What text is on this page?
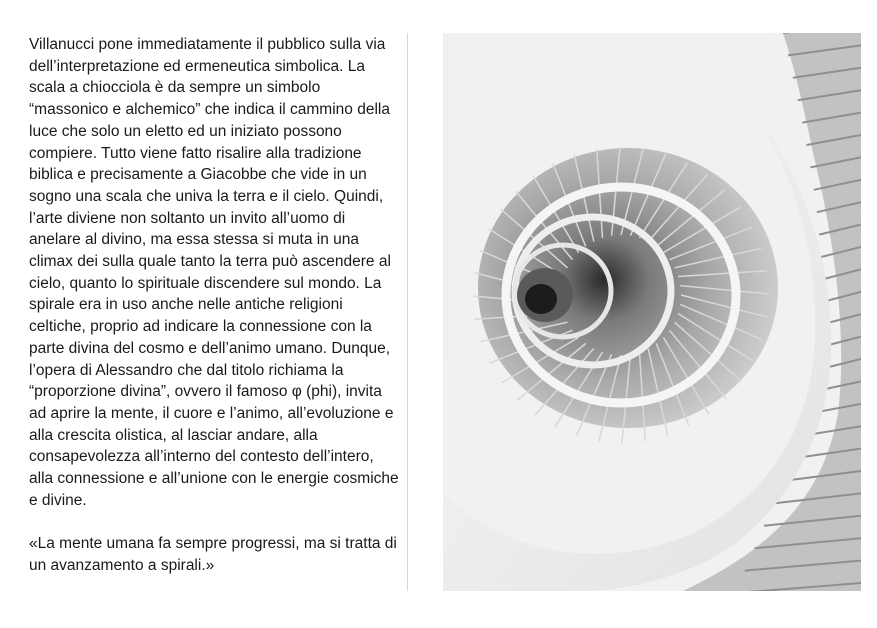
Villanucci pone immediatamente il pubblico sulla via dell’interpretazione ed ermeneutica simbolica. La scala a chiocciola è da sempre un simbolo “massonico e alchemico” che indica il cammino della luce che solo un eletto ed un iniziato possono compiere. Tutto viene fatto risalire alla tradizione biblica e precisamente a Giacobbe che vide in un sogno una scala che univa la terra e il cielo. Quindi, l’arte diviene non soltanto un invito all’uomo di anelare al divino, ma essa stessa si muta in una climax dei sulla quale tanto la terra può ascendere al cielo, quanto lo spirituale discendere sul mondo. La spirale era in uso anche nelle antiche religioni celtiche, proprio ad indicare la connessione con la parte divina del cosmo e dell’animo umano. Dunque, l’opera di Alessandro che dal titolo richiama la “proporzione divina”, ovvero il famoso φ (phi), invita ad aprire la mente, il cuore e l’animo, all’evoluzione e alla crescita olistica, al lasciar andare, alla consapevolezza all’interno del contesto dell’intero, alla connessione e all’unione con le energie cosmiche e divine.

«La mente umana fa sempre progressi, ma si tratta di un avanzamento a spirali.»
